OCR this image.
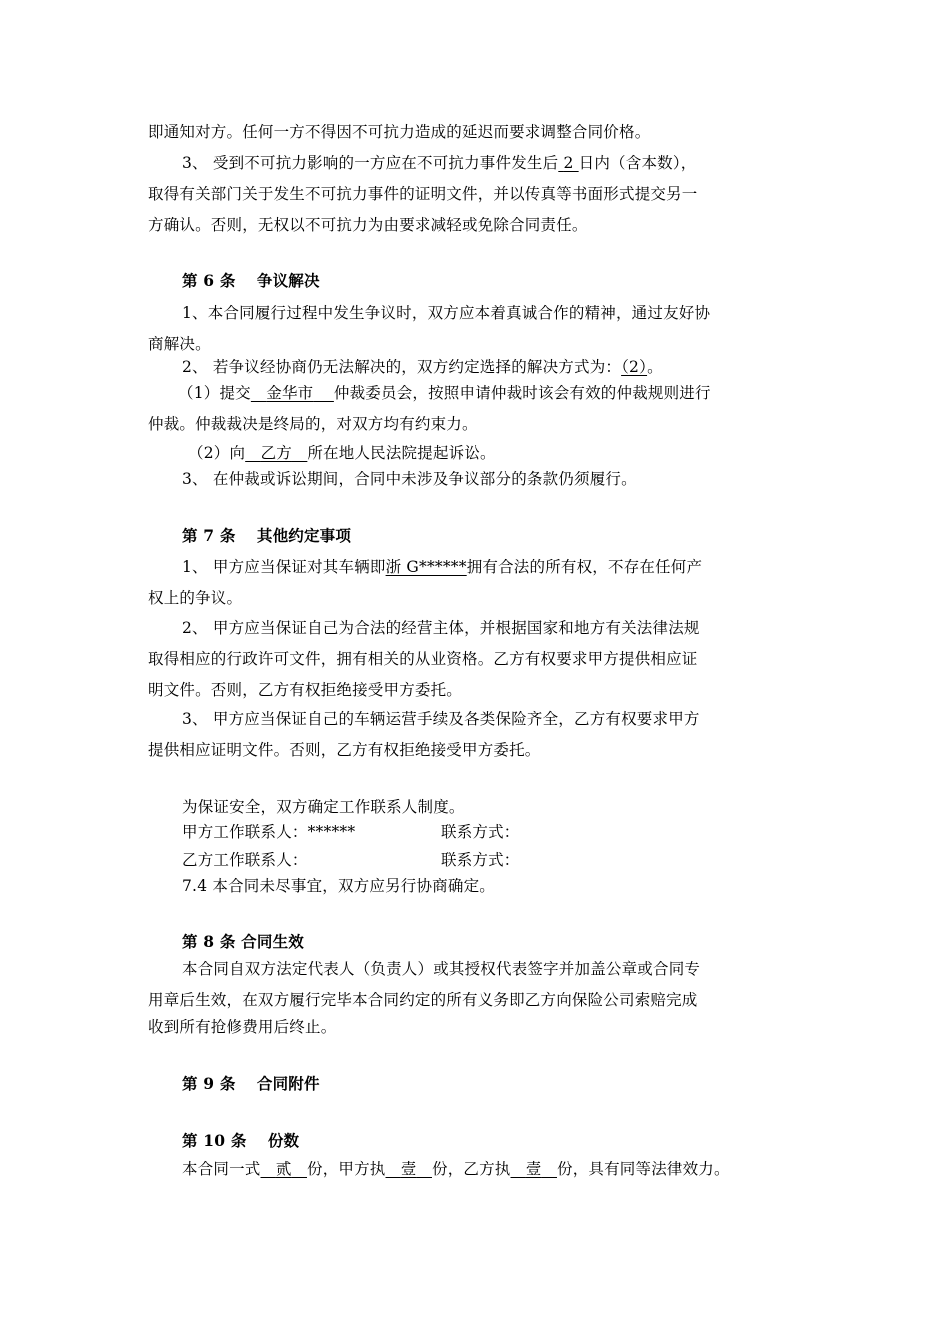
即通知对方。任何一方不得因不可抗力造成的延迟而要求调整合同价格。
3、 受到不可抗力影响的一方应在不可抗力事件发生后 2 日内（含本数），
取得有关部门关于发生不可抗力事件的证明文件，并以传真等书面形式提交另一
方确认。否则，无权以不可抗力为由要求减轻或免除合同责任。
第 6 条　 争议解决
1、本合同履行过程中发生争议时，双方应本着真诚合作的精神，通过友好协
商解决。
2、 若争议经协商仍无法解决的，双方约定选择的解决方式为：（2）。
（1）提交 金华市 仲裁委员会，按照申请仲裁时该会有效的仲裁规则进行
仲裁。仲裁裁决是终局的，对双方均有约束力。
（2）向 乙方 所在地人民法院提起诉讼。
3、 在仲裁或诉讼期间，合同中未涉及争议部分的条款仍须履行。
第 7 条　 其他约定事项
1、 甲方应当保证对其车辆即浙 G******拥有合法的所有权，不存在任何产
权上的争议。
2、 甲方应当保证自己为合法的经营主体，并根据国家和地方有关法律法规
取得相应的行政许可文件，拥有相关的从业资格。乙方有权要求甲方提供相应证
明文件。否则，乙方有权拒绝接受甲方委托。
3、 甲方应当保证自己的车辆运营手续及各类保险齐全，乙方有权要求甲方
提供相应证明文件。否则，乙方有权拒绝接受甲方委托。
为保证安全，双方确定工作联系人制度。
甲方工作联系人：******	联系方式：
乙方工作联系人：	联系方式：
7.4 本合同未尽事宜，双方应另行协商确定。
第 8 条 合同生效
本合同自双方法定代表人（负责人）或其授权代表签字并加盖公章或合同专
用章后生效，在双方履行完毕本合同约定的所有义务即乙方向保险公司索赔完成
收到所有抢修费用后终止。
第 9 条　 合同附件
第 10 条　 份数
本合同一式 贰 份，甲方执 壹 份，乙方执 壹 份，具有同等法律效力。
